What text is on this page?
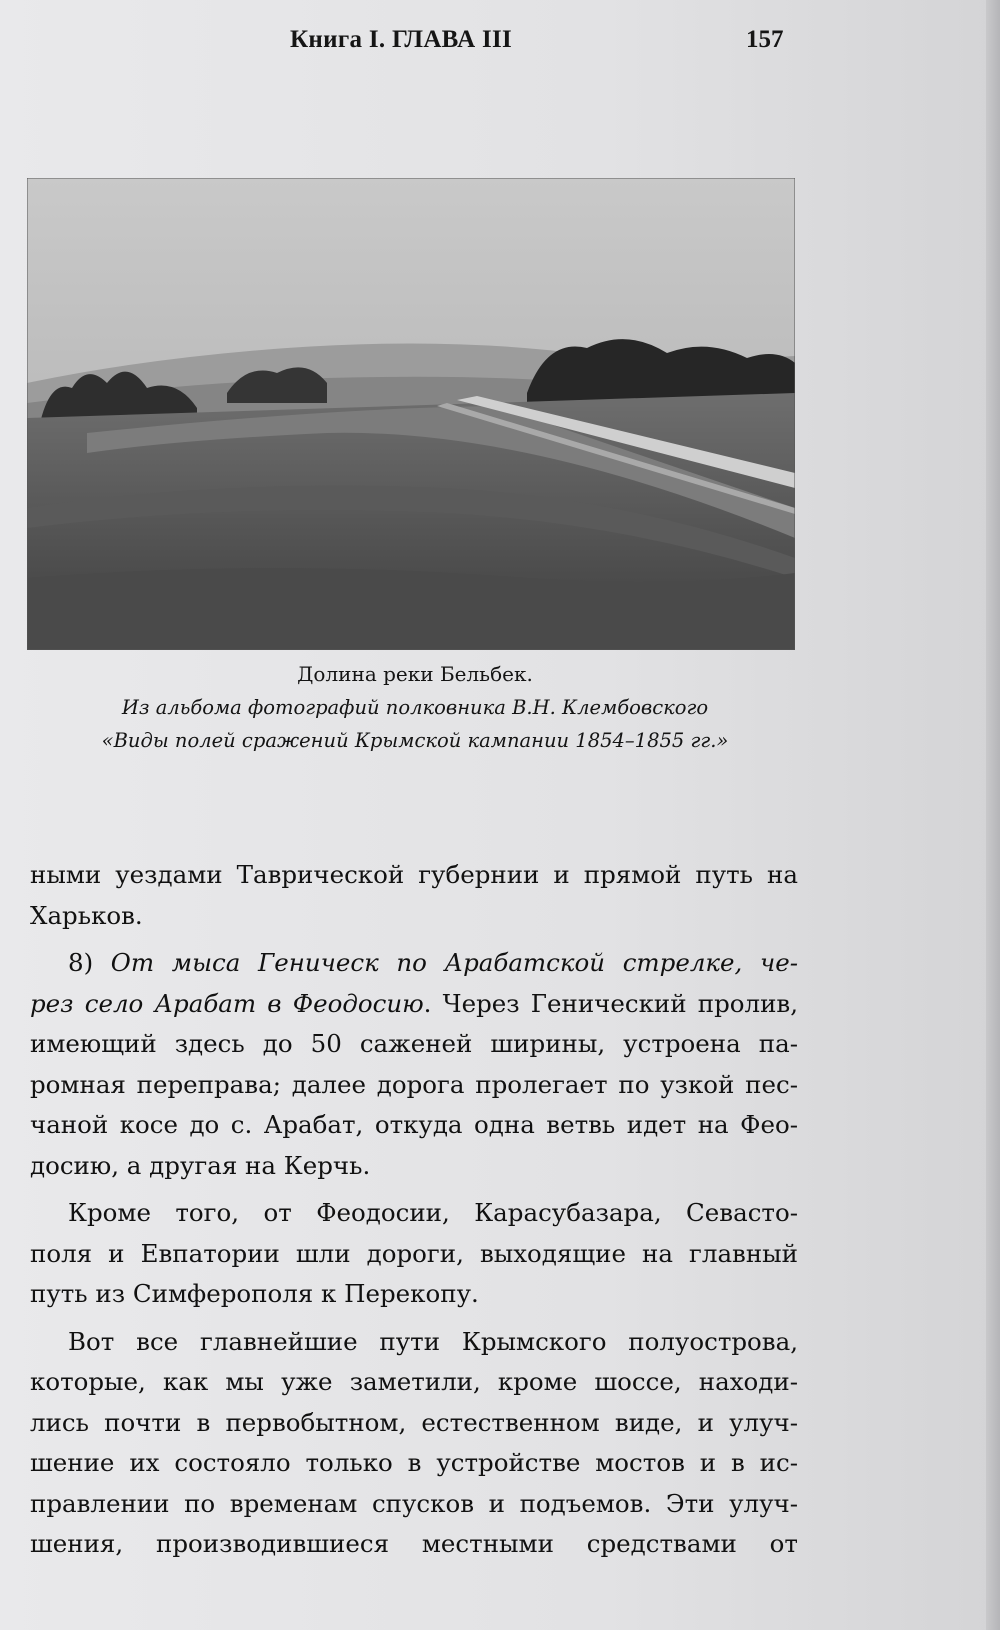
Книга I. ГЛАВА III	157
Долина реки Бельбек.
Из альбома фотографий полковника В.Н. Клембовского
«Виды полей сражений Крымской кампании 1854–1855 гг.»
ными уездами Таврической губернии и прямой путь на
Харьков.
8) От мыса Геническ по Арабатской стрелке, че-
рез село Арабат в Феодосию. Через Генический пролив,
имеющий здесь до 50 саженей ширины, устроена па-
ромная переправа; далее дорога пролегает по узкой пес-
чаной косе до с. Арабат, откуда одна ветвь идет на Фео-
досию, а другая на Керчь.
Кроме того, от Феодосии, Карасубазара, Севасто-
поля и Евпатории шли дороги, выходящие на главный
путь из Симферополя к Перекопу.
Вот все главнейшие пути Крымского полуострова,
которые, как мы уже заметили, кроме шоссе, находи-
лись почти в первобытном, естественном виде, и улуч-
шение их состояло только в устройстве мостов и в ис-
правлении по временам спусков и подъемов. Эти улуч-
шения, производившиеся местными средствами от
